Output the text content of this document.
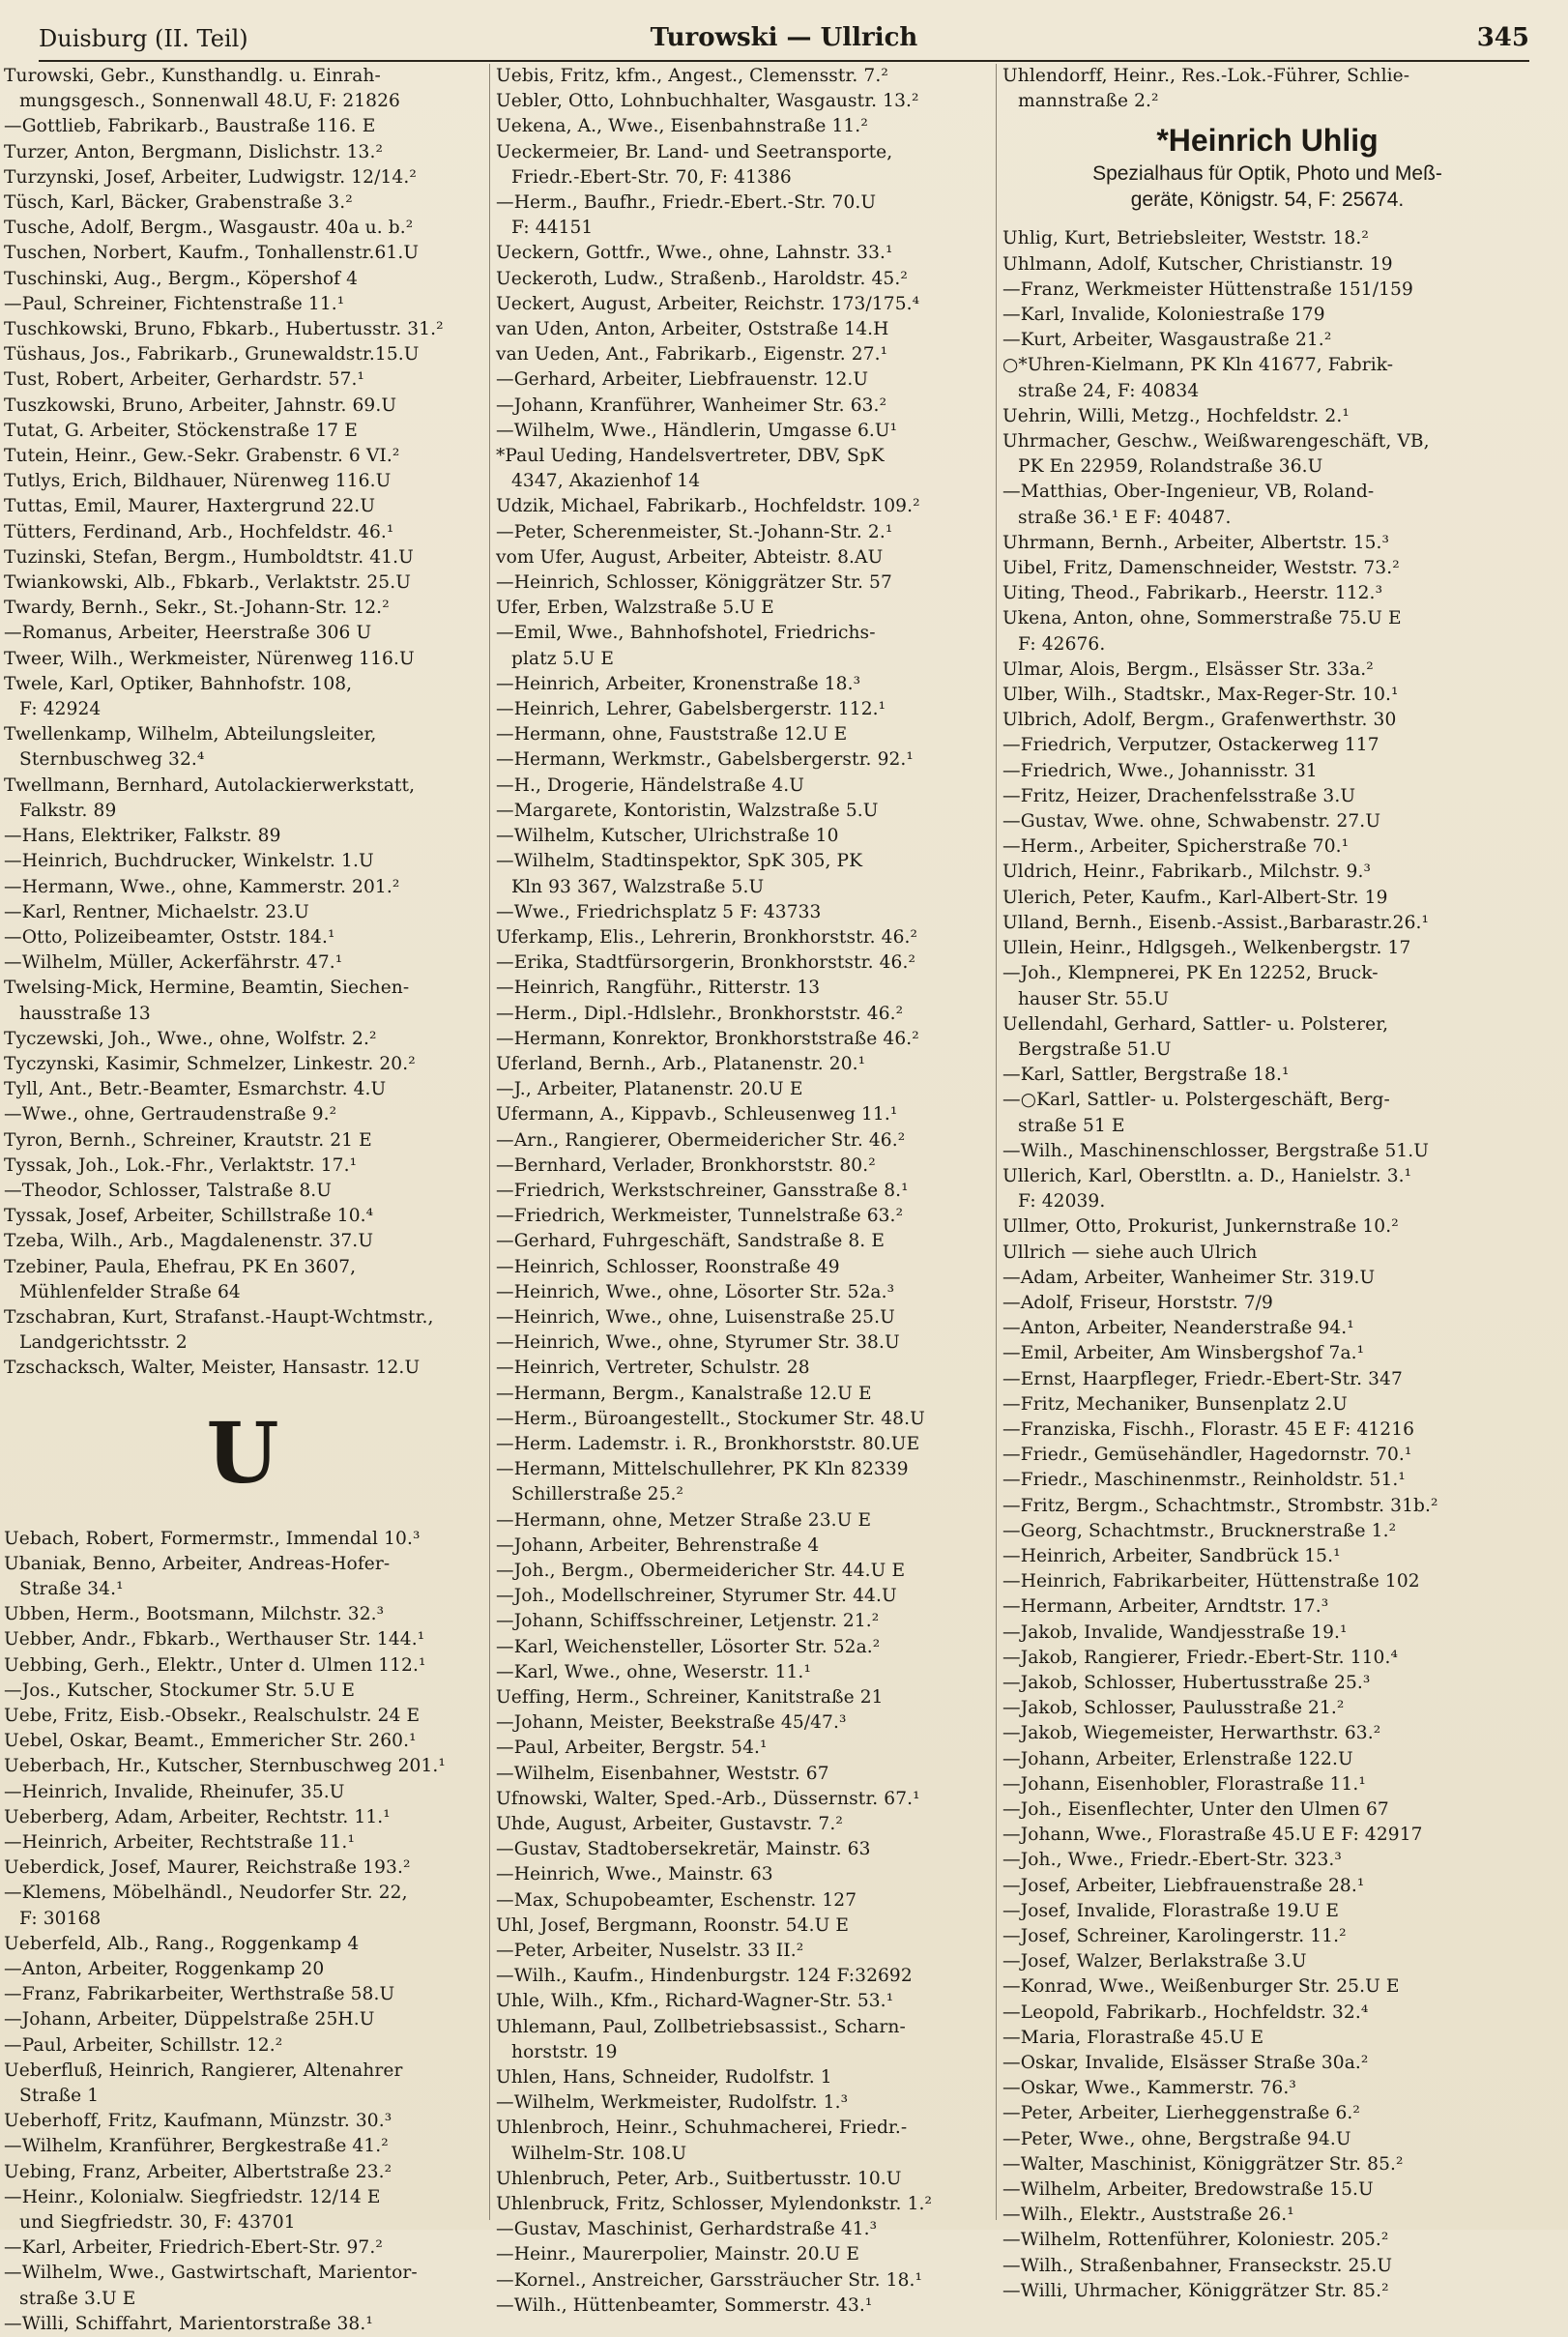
Duisburg (II. Teil)	Turowski — Ullrich	345
Turowski, Gebr., Kunsthandlg. u. Einrah-
mungsgesch., Sonnenwall 48.U, F: 21826
—Gottlieb, Fabrikarb., Baustraße 116. E
Turzer, Anton, Bergmann, Dislichstr. 13.²
Turzynski, Josef, Arbeiter, Ludwigstr. 12/14.²
Tüsch, Karl, Bäcker, Grabenstraße 3.²
Tusche, Adolf, Bergm., Wasgaustr. 40a u. b.²
Tuschen, Norbert, Kaufm., Tonhallenstr.61.U
Tuschinski, Aug., Bergm., Köpershof 4
—Paul, Schreiner, Fichtenstraße 11.¹
Tuschkowski, Bruno, Fbkarb., Hubertusstr. 31.²
Tüshaus, Jos., Fabrikarb., Grunewaldstr.15.U
Tust, Robert, Arbeiter, Gerhardstr. 57.¹
Tuszkowski, Bruno, Arbeiter, Jahnstr. 69.U
Tutat, G. Arbeiter, Stöckenstraße 17 E
Tutein, Heinr., Gew.-Sekr. Grabenstr. 6 VI.²
Tutlys, Erich, Bildhauer, Nürenweg 116.U
Tuttas, Emil, Maurer, Haxtergrund 22.U
Tütters, Ferdinand, Arb., Hochfeldstr. 46.¹
Tuzinski, Stefan, Bergm., Humboldtstr. 41.U
Twiankowski, Alb., Fbkarb., Verlaktstr. 25.U
Twardy, Bernh., Sekr., St.-Johann-Str. 12.²
—Romanus, Arbeiter, Heerstraße 306 U
Tweer, Wilh., Werkmeister, Nürenweg 116.U
Twele, Karl, Optiker, Bahnhofstr. 108,
F: 42924
Twellenkamp, Wilhelm, Abteilungsleiter,
Sternbuschweg 32.⁴
Twellmann, Bernhard, Autolackierwerkstatt,
Falkstr. 89
—Hans, Elektriker, Falkstr. 89
—Heinrich, Buchdrucker, Winkelstr. 1.U
—Hermann, Wwe., ohne, Kammerstr. 201.²
—Karl, Rentner, Michaelstr. 23.U
—Otto, Polizeibeamter, Oststr. 184.¹
—Wilhelm, Müller, Ackerfährstr. 47.¹
Twelsing-Mick, Hermine, Beamtin, Siechen-
hausstraße 13
Tyczewski, Joh., Wwe., ohne, Wolfstr. 2.²
Tyczynski, Kasimir, Schmelzer, Linkestr. 20.²
Tyll, Ant., Betr.-Beamter, Esmarchstr. 4.U
—Wwe., ohne, Gertraudenstraße 9.²
Tyron, Bernh., Schreiner, Krautstr. 21 E
Tyssak, Joh., Lok.-Fhr., Verlaktstr. 17.¹
—Theodor, Schlosser, Talstraße 8.U
Tyssak, Josef, Arbeiter, Schillstraße 10.⁴
Tzeba, Wilh., Arb., Magdalenenstr. 37.U
Tzebiner, Paula, Ehefrau, PK En 3607,
Mühlenfelder Straße 64
Tzschabran, Kurt, Strafanst.-Haupt-Wchtmstr.,
Landgerichtsstr. 2
Tzschacksch, Walter, Meister, Hansastr. 12.U
U
Uebach, Robert, Formermstr., Immendal 10.³
Ubaniak, Benno, Arbeiter, Andreas-Hofer-
Straße 34.¹
Ubben, Herm., Bootsmann, Milchstr. 32.³
Uebber, Andr., Fbkarb., Werthauser Str. 144.¹
Uebbing, Gerh., Elektr., Unter d. Ulmen 112.¹
—Jos., Kutscher, Stockumer Str. 5.U E
Uebe, Fritz, Eisb.-Obsekr., Realschulstr. 24 E
Uebel, Oskar, Beamt., Emmericher Str. 260.¹
Ueberbach, Hr., Kutscher, Sternbuschweg 201.¹
—Heinrich, Invalide, Rheinufer, 35.U
Ueberberg, Adam, Arbeiter, Rechtstr. 11.¹
—Heinrich, Arbeiter, Rechtstraße 11.¹
Ueberdick, Josef, Maurer, Reichstraße 193.²
—Klemens, Möbelhändl., Neudorfer Str. 22,
F: 30168
Ueberfeld, Alb., Rang., Roggenkamp 4
—Anton, Arbeiter, Roggenkamp 20
—Franz, Fabrikarbeiter, Werthstraße 58.U
—Johann, Arbeiter, Düppelstraße 25H.U
—Paul, Arbeiter, Schillstr. 12.²
Ueberfluß, Heinrich, Rangierer, Altenahrer
Straße 1
Ueberhoff, Fritz, Kaufmann, Münzstr. 30.³
—Wilhelm, Kranführer, Bergkestraße 41.²
Uebing, Franz, Arbeiter, Albertstraße 23.²
—Heinr., Kolonialw. Siegfriedstr. 12/14 E
und Siegfriedstr. 30, F: 43701
—Karl, Arbeiter, Friedrich-Ebert-Str. 97.²
—Wilhelm, Wwe., Gastwirtschaft, Marientor-
straße 3.U E
—Willi, Schiffahrt, Marientorstraße 38.¹
Uebis, Fritz, kfm., Angest., Clemensstr. 7.²
Uebler, Otto, Lohnbuchhalter, Wasgaustr. 13.²
Uekena, A., Wwe., Eisenbahnstraße 11.²
Ueckermeier, Br. Land- und Seetransporte,
Friedr.-Ebert-Str. 70, F: 41386
—Herm., Baufhr., Friedr.-Ebert.-Str. 70.U
F: 44151
Ueckern, Gottfr., Wwe., ohne, Lahnstr. 33.¹
Ueckeroth, Ludw., Straßenb., Haroldstr. 45.²
Ueckert, August, Arbeiter, Reichstr. 173/175.⁴
van Uden, Anton, Arbeiter, Oststraße 14.H
van Ueden, Ant., Fabrikarb., Eigenstr. 27.¹
—Gerhard, Arbeiter, Liebfrauenstr. 12.U
—Johann, Kranführer, Wanheimer Str. 63.²
—Wilhelm, Wwe., Händlerin, Umgasse 6.U¹
*Paul Ueding, Handelsvertreter, DBV, SpK
4347, Akazienhof 14
Udzik, Michael, Fabrikarb., Hochfeldstr. 109.²
—Peter, Scherenmeister, St.-Johann-Str. 2.¹
vom Ufer, August, Arbeiter, Abteistr. 8.AU
—Heinrich, Schlosser, Königgrätzer Str. 57
Ufer, Erben, Walzstraße 5.U E
—Emil, Wwe., Bahnhofshotel, Friedrichs-
platz 5.U E
—Heinrich, Arbeiter, Kronenstraße 18.³
—Heinrich, Lehrer, Gabelsbergerstr. 112.¹
—Hermann, ohne, Fauststraße 12.U E
—Hermann, Werkmstr., Gabelsbergerstr. 92.¹
—H., Drogerie, Händelstraße 4.U
—Margarete, Kontoristin, Walzstraße 5.U
—Wilhelm, Kutscher, Ulrichstraße 10
—Wilhelm, Stadtinspektor, SpK 305, PK
Kln 93 367, Walzstraße 5.U
—Wwe., Friedrichsplatz 5 F: 43733
Uferkamp, Elis., Lehrerin, Bronkhorststr. 46.²
—Erika, Stadtfürsorgerin, Bronkhorststr. 46.²
—Heinrich, Rangführ., Ritterstr. 13
—Herm., Dipl.-Hdlslehr., Bronkhorststr. 46.²
—Hermann, Konrektor, Bronkhorststraße 46.²
Uferland, Bernh., Arb., Platanenstr. 20.¹
—J., Arbeiter, Platanenstr. 20.U E
Ufermann, A., Kippavb., Schleusenweg 11.¹
—Arn., Rangierer, Obermeidericher Str. 46.²
—Bernhard, Verlader, Bronkhorststr. 80.²
—Friedrich, Werkstschreiner, Gansstraße 8.¹
—Friedrich, Werkmeister, Tunnelstraße 63.²
—Gerhard, Fuhrgeschäft, Sandstraße 8. E
—Heinrich, Schlosser, Roonstraße 49
—Heinrich, Wwe., ohne, Lösorter Str. 52a.³
—Heinrich, Wwe., ohne, Luisenstraße 25.U
—Heinrich, Wwe., ohne, Styrumer Str. 38.U
—Heinrich, Vertreter, Schulstr. 28
—Hermann, Bergm., Kanalstraße 12.U E
—Herm., Büroangestellt., Stockumer Str. 48.U
—Herm. Lademstr. i. R., Bronkhorststr. 80.UE
—Hermann, Mittelschullehrer, PK Kln 82339
Schillerstraße 25.²
—Hermann, ohne, Metzer Straße 23.U E
—Johann, Arbeiter, Behrenstraße 4
—Joh., Bergm., Obermeidericher Str. 44.U E
—Joh., Modellschreiner, Styrumer Str. 44.U
—Johann, Schiffsschreiner, Letjenstr. 21.²
—Karl, Weichensteller, Lösorter Str. 52a.²
—Karl, Wwe., ohne, Weserstr. 11.¹
Ueffing, Herm., Schreiner, Kanitstraße 21
—Johann, Meister, Beekstraße 45/47.³
—Paul, Arbeiter, Bergstr. 54.¹
—Wilhelm, Eisenbahner, Weststr. 67
Ufnowski, Walter, Sped.-Arb., Düssernstr. 67.¹
Uhde, August, Arbeiter, Gustavstr. 7.²
—Gustav, Stadtobersekretär, Mainstr. 63
—Heinrich, Wwe., Mainstr. 63
—Max, Schupobeamter, Eschenstr. 127
Uhl, Josef, Bergmann, Roonstr. 54.U E
—Peter, Arbeiter, Nuselstr. 33 II.²
—Wilh., Kaufm., Hindenburgstr. 124 F:32692
Uhle, Wilh., Kfm., Richard-Wagner-Str. 53.¹
Uhlemann, Paul, Zollbetriebsassist., Scharn-
horststr. 19
Uhlen, Hans, Schneider, Rudolfstr. 1
—Wilhelm, Werkmeister, Rudolfstr. 1.³
Uhlenbroch, Heinr., Schuhmacherei, Friedr.-
Wilhelm-Str. 108.U
Uhlenbruch, Peter, Arb., Suitbertusstr. 10.U
Uhlenbruck, Fritz, Schlosser, Mylendonkstr. 1.²
—Gustav, Maschinist, Gerhardstraße 41.³
—Heinr., Maurerpolier, Mainstr. 20.U E
—Kornel., Anstreicher, Garssträucher Str. 18.¹
—Wilh., Hüttenbeamter, Sommerstr. 43.¹
Uhlendorff, Heinr., Res.-Lok.-Führer, Schlie-
mannstraße 2.²
*Heinrich Uhlig
Spezialhaus für Optik, Photo und Meß-
geräte, Königstr. 54, F: 25674.
Uhlig, Kurt, Betriebsleiter, Weststr. 18.²
Uhlmann, Adolf, Kutscher, Christianstr. 19
—Franz, Werkmeister Hüttenstraße 151/159
—Karl, Invalide, Koloniestraße 179
—Kurt, Arbeiter, Wasgaustraße 21.²
○*Uhren-Kielmann, PK Kln 41677, Fabrik-
straße 24, F: 40834
Uehrin, Willi, Metzg., Hochfeldstr. 2.¹
Uhrmacher, Geschw., Weißwarengeschäft, VB,
PK En 22959, Rolandstraße 36.U
—Matthias, Ober-Ingenieur, VB, Roland-
straße 36.¹ E F: 40487.
Uhrmann, Bernh., Arbeiter, Albertstr. 15.³
Uibel, Fritz, Damenschneider, Weststr. 73.²
Uiting, Theod., Fabrikarb., Heerstr. 112.³
Ukena, Anton, ohne, Sommerstraße 75.U E
F: 42676.
Ulmar, Alois, Bergm., Elsässer Str. 33a.²
Ulber, Wilh., Stadtskr., Max-Reger-Str. 10.¹
Ulbrich, Adolf, Bergm., Grafenwerthstr. 30
—Friedrich, Verputzer, Ostackerweg 117
—Friedrich, Wwe., Johannisstr. 31
—Fritz, Heizer, Drachenfelsstraße 3.U
—Gustav, Wwe. ohne, Schwabenstr. 27.U
—Herm., Arbeiter, Spicherstraße 70.¹
Uldrich, Heinr., Fabrikarb., Milchstr. 9.³
Ulerich, Peter, Kaufm., Karl-Albert-Str. 19
Ulland, Bernh., Eisenb.-Assist.,Barbarastr.26.¹
Ullein, Heinr., Hdlgsgeh., Welkenbergstr. 17
—Joh., Klempnerei, PK En 12252, Bruck-
hauser Str. 55.U
Uellendahl, Gerhard, Sattler- u. Polsterer,
Bergstraße 51.U
—Karl, Sattler, Bergstraße 18.¹
—○Karl, Sattler- u. Polstergeschäft, Berg-
straße 51 E
—Wilh., Maschinenschlosser, Bergstraße 51.U
Ullerich, Karl, Oberstltn. a. D., Hanielstr. 3.¹
F: 42039.
Ullmer, Otto, Prokurist, Junkernstraße 10.²
Ullrich — siehe auch Ulrich
—Adam, Arbeiter, Wanheimer Str. 319.U
—Adolf, Friseur, Horststr. 7/9
—Anton, Arbeiter, Neanderstraße 94.¹
—Emil, Arbeiter, Am Winsbergshof 7a.¹
—Ernst, Haarpfleger, Friedr.-Ebert-Str. 347
—Fritz, Mechaniker, Bunsenplatz 2.U
—Franziska, Fischh., Florastr. 45 E F: 41216
—Friedr., Gemüsehändler, Hagedornstr. 70.¹
—Friedr., Maschinenmstr., Reinholdstr. 51.¹
—Fritz, Bergm., Schachtmstr., Strombstr. 31b.²
—Georg, Schachtmstr., Brucknerstraße 1.²
—Heinrich, Arbeiter, Sandbrück 15.¹
—Heinrich, Fabrikarbeiter, Hüttenstraße 102
—Hermann, Arbeiter, Arndtstr. 17.³
—Jakob, Invalide, Wandjesstraße 19.¹
—Jakob, Rangierer, Friedr.-Ebert-Str. 110.⁴
—Jakob, Schlosser, Hubertusstraße 25.³
—Jakob, Schlosser, Paulusstraße 21.²
—Jakob, Wiegemeister, Herwarthstr. 63.²
—Johann, Arbeiter, Erlenstraße 122.U
—Johann, Eisenhobler, Florastraße 11.¹
—Joh., Eisenflechter, Unter den Ulmen 67
—Johann, Wwe., Florastraße 45.U E F: 42917
—Joh., Wwe., Friedr.-Ebert-Str. 323.³
—Josef, Arbeiter, Liebfrauenstraße 28.¹
—Josef, Invalide, Florastraße 19.U E
—Josef, Schreiner, Karolingerstr. 11.²
—Josef, Walzer, Berlakstraße 3.U
—Konrad, Wwe., Weißenburger Str. 25.U E
—Leopold, Fabrikarb., Hochfeldstr. 32.⁴
—Maria, Florastraße 45.U E
—Oskar, Invalide, Elsässer Straße 30a.²
—Oskar, Wwe., Kammerstr. 76.³
—Peter, Arbeiter, Lierheggenstraße 6.²
—Peter, Wwe., ohne, Bergstraße 94.U
—Walter, Maschinist, Königgrätzer Str. 85.²
—Wilhelm, Arbeiter, Bredowstraße 15.U
—Wilh., Elektr., Auststraße 26.¹
—Wilhelm, Rottenführer, Koloniestr. 205.²
—Wilh., Straßenbahner, Franseckstr. 25.U
—Willi, Uhrmacher, Königgrätzer Str. 85.²
